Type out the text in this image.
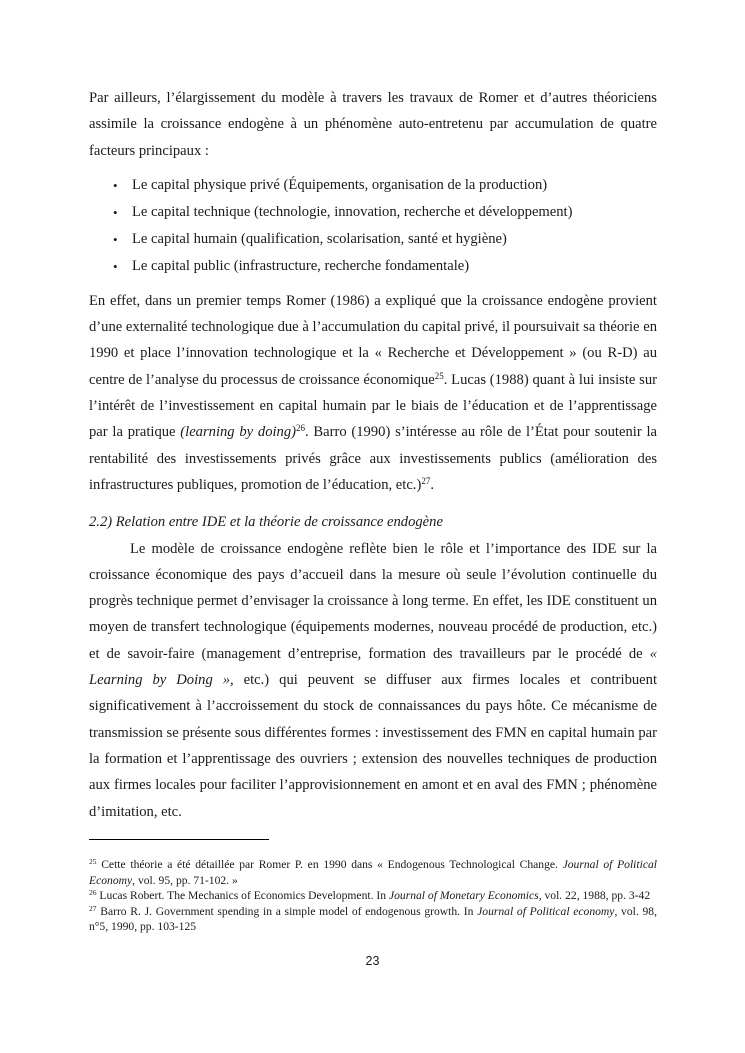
Par ailleurs, l’élargissement du modèle à travers les travaux de Romer et d’autres théoriciens assimile la croissance endogène à un phénomène auto-entretenu par accumulation de quatre facteurs principaux :

• Le capital physique privé (Équipements, organisation de la production)
• Le capital technique (technologie, innovation, recherche et développement)
• Le capital humain (qualification, scolarisation, santé et hygiène)
• Le capital public (infrastructure, recherche fondamentale)

En effet, dans un premier temps Romer (1986) a expliqué que la croissance endogène provient d’une externalité technologique due à l’accumulation du capital privé, il poursuivait sa théorie en 1990 et place l’innovation technologique et la « Recherche et Développement » (ou R-D) au centre de l’analyse du processus de croissance économique$^{25}$. Lucas (1988) quant à lui insiste sur l’intérêt de l’investissement en capital humain par le biais de l’éducation et de l’apprentissage par la pratique (learning by doing)$^{26}$. Barro (1990) s’intéresse au rôle de l’État pour soutenir la rentabilité des investissements privés grâce aux investissements publics (amélioration des infrastructures publiques, promotion de l’éducation, etc.)$^{27}$.

2.2) Relation entre IDE et la théorie de croissance endogène

Le modèle de croissance endogène reflète bien le rôle et l’importance des IDE sur la croissance économique des pays d’accueil dans la mesure où seule l’évolution continuelle du progrès technique permet d’envisager la croissance à long terme. En effet, les IDE constituent un moyen de transfert technologique (équipements modernes, nouveau procédé de production, etc.) et de savoir-faire (management d’entreprise, formation des travailleurs par le procédé de « Learning by Doing », etc.) qui peuvent se diffuser aux firmes locales et contribuent significativement à l’accroissement du stock de connaissances du pays hôte. Ce mécanisme de transmission se présente sous différentes formes : investissement des FMN en capital humain par la formation et l’apprentissage des ouvriers ; extension des nouvelles techniques de production aux firmes locales pour faciliter l’approvisionnement en amont et en aval des FMN ; phénomène d’imitation, etc.

$^{25}$ Cette théorie a été détaillée par Romer P. en 1990 dans « Endogenous Technological Change. Journal of Political Economy, vol. 95, pp. 71-102. »

$^{26}$ Lucas Robert. The Mechanics of Economics Development. In Journal of Monetary Economics, vol. 22, 1988, pp. 3-42

$^{27}$ Barro R. J. Government spending in a simple model of endogenous growth. In Journal of Political economy, vol. 98, n°5, 1990, pp. 103-125

23
